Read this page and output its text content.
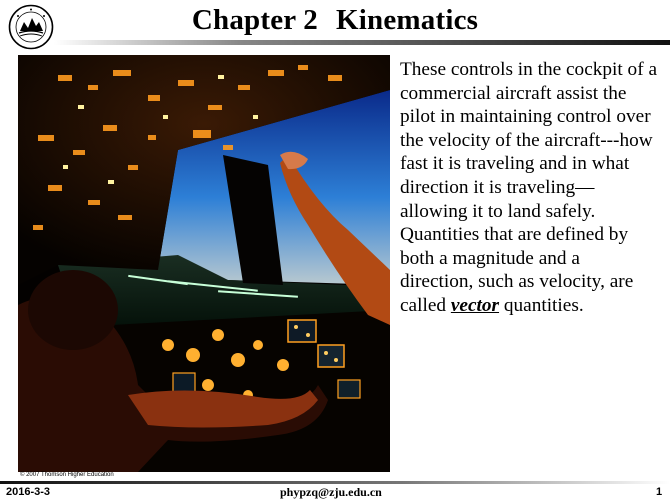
Chapter 2 Kinematics
© 2007 Thomson Higher Education
These controls in the cockpit of a commercial aircraft assist the pilot in maintaining control over the velocity of the aircraft---how fast it is traveling and in what direction it is traveling—allowing it to land safely. Quantities that are defined by both a magnitude and a direction, such as velocity, are called vector quantities.
2016-3-3	phypzq@zju.edu.cn	1
